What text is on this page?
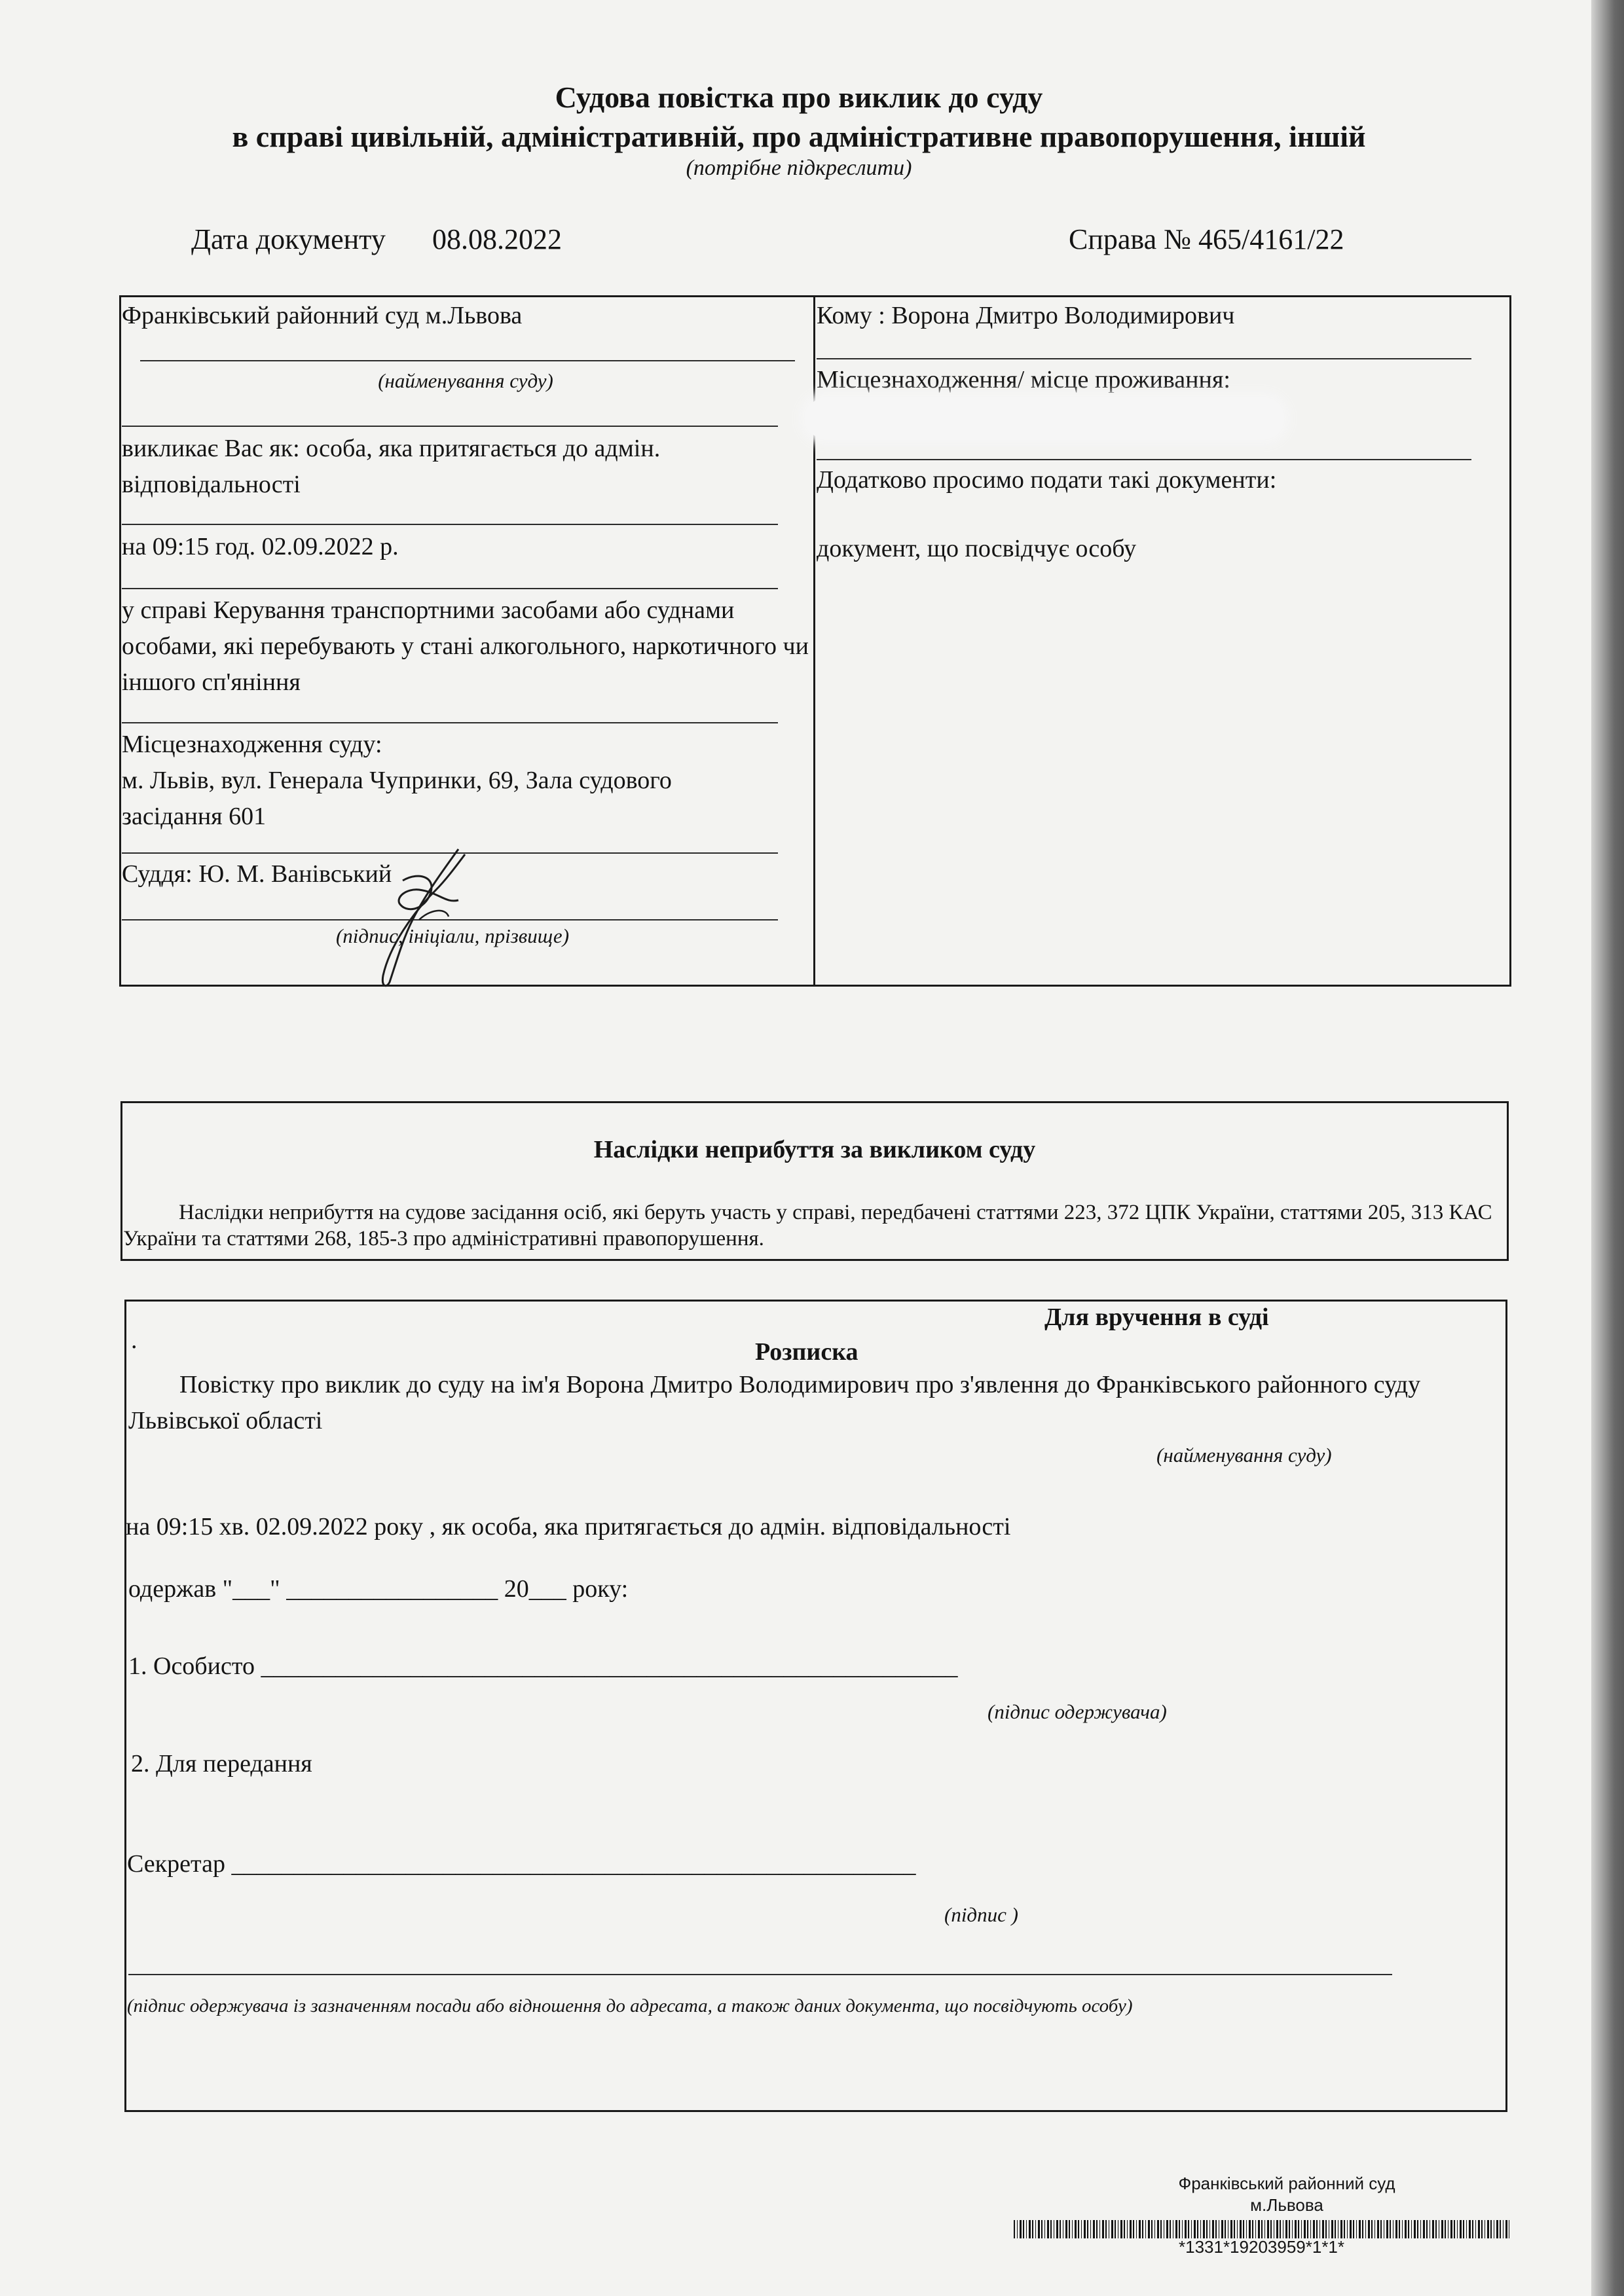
Судова повістка про виклик до суду
в справі цивільній, адміністративній, про адміністративне правопорушення, іншій
(потрібне підкреслити)
Дата документу 08.08.2022	Справа № 465/4161/22
Франківський районний суд м.Львова
(найменування суду)
викликає Вас як: особа, яка притягається до адмін. відповідальності
на 09:15 год. 02.09.2022 р.
у справі Керування транспортними засобами або суднами особами, які перебувають у стані алкогольного, наркотичного чи іншого сп'яніння
Місцезнаходження суду:
м. Львів, вул. Генерала Чупринки, 69, Зала судового засідання 601
Суддя: Ю. М. Ванівський
(підпис, ініціали, прізвище)
Кому : Ворона Дмитро Володимирович
Місцезнаходження/ місце проживання:
Додатково просимо подати такі документи:
документ, що посвідчує особу
Наслідки неприбуття за викликом суду
Наслідки неприбуття на судове засідання осіб, які беруть участь у справі, передбачені статтями 223, 372 ЦПК України, статтями 205, 313 КАС України та статтями 268, 185-3 про адміністративні правопорушення.
.
Для вручення в суді
Розписка
Повістку про виклик до суду на ім'я Ворона Дмитро Володимирович про з'явлення до Франківського районного суду Львівської області
(найменування суду)
на 09:15 хв. 02.09.2022 року , як особа, яка притягається до адмін. відповідальності
одержав "___" _________________ 20___ року:
1. Особисто ________________________________________________________
(підпис одержувача)
2. Для передання
Секретар _______________________________________________________
(підпис )
(підпис одержувача із зазначенням посади або відношення до адресата, а також даних документа, що посвідчують особу)
Франківський районний суд
м.Львова
*1331*19203959*1*1*
